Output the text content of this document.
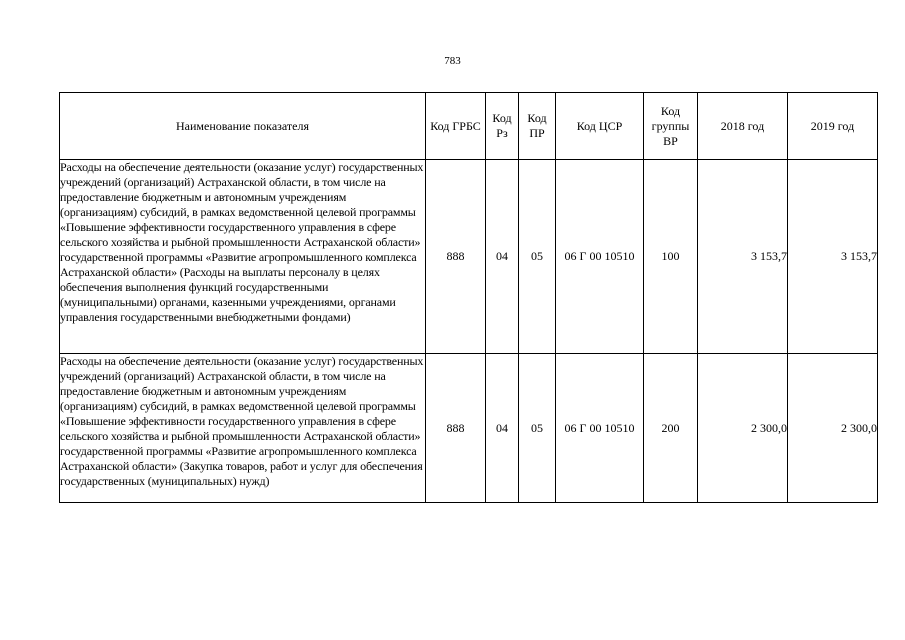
783
Наименование показателя	Код ГРБС	Код Рз	Код ПР	Код ЦСР	Код группы ВР	2018 год	2019 год
Расходы на обеспечение деятельности (оказание услуг) государственных учреждений (организаций) Астраханской области, в том числе на предоставление бюджетным и автономным учреждениям (организациям) субсидий, в рамках ведомственной целевой программы «Повышение эффективности государственного управления в сфере сельского хозяйства и рыбной промышленности Астраханской области» государственной программы «Развитие агропромышленного комплекса Астраханской области» (Расходы на выплаты персоналу в целях обеспечения выполнения функций государственными (муниципальными) органами, казенными учреждениями, органами управления государственными внебюджетными фондами)	888	04	05	06 Г 00 10510	100	3 153,7	3 153,7
Расходы на обеспечение деятельности (оказание услуг) государственных учреждений (организаций) Астраханской области, в том числе на предоставление бюджетным и автономным учреждениям (организациям) субсидий, в рамках ведомственной целевой программы «Повышение эффективности государственного управления в сфере сельского хозяйства и рыбной промышленности Астраханской области» государственной программы «Развитие агропромышленного комплекса Астраханской области» (Закупка товаров, работ и услуг для обеспечения государственных (муниципальных) нужд)	888	04	05	06 Г 00 10510	200	2 300,0	2 300,0
